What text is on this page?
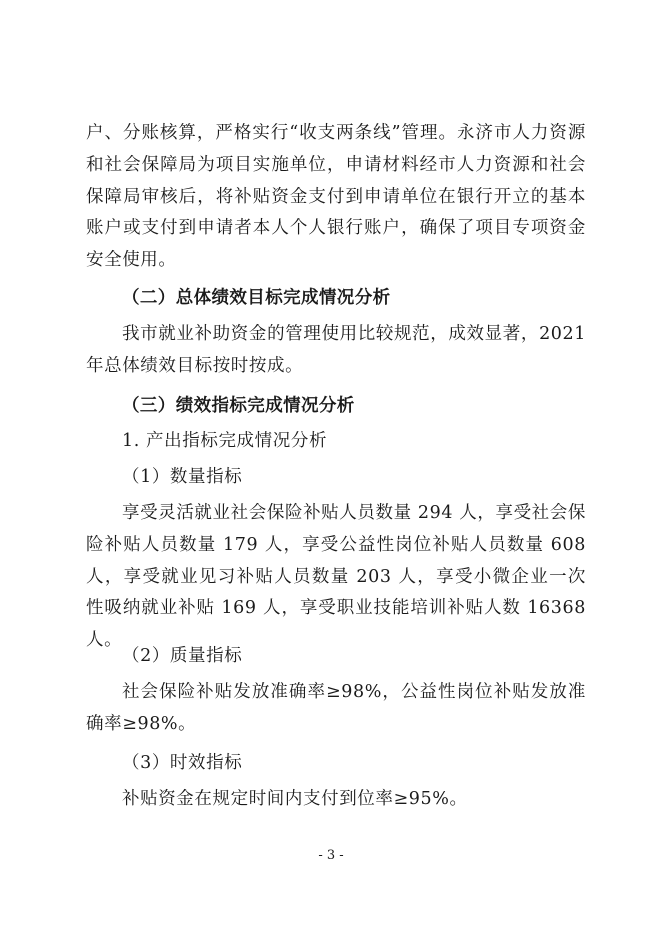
户、分账核算，严格实行“收支两条线”管理。永济市人力资源和社会保障局为项目实施单位，申请材料经市人力资源和社会保障局审核后，将补贴资金支付到申请单位在银行开立的基本账户或支付到申请者本人个人银行账户，确保了项目专项资金安全使用。

（二）总体绩效目标完成情况分析

我市就业补助资金的管理使用比较规范，成效显著，2021 年总体绩效目标按时按成。

（三）绩效指标完成情况分析

1. 产出指标完成情况分析

（1）数量指标

享受灵活就业社会保险补贴人员数量 294 人，享受社会保险补贴人员数量 179 人，享受公益性岗位补贴人员数量 608 人，享受就业见习补贴人员数量 203 人，享受小微企业一次性吸纳就业补贴 169 人，享受职业技能培训补贴人数 16368 人。

（2）质量指标

社会保险补贴发放准确率≥98%，公益性岗位补贴发放准确率≥98%。

（3）时效指标

补贴资金在规定时间内支付到位率≥95%。

- 3 -
